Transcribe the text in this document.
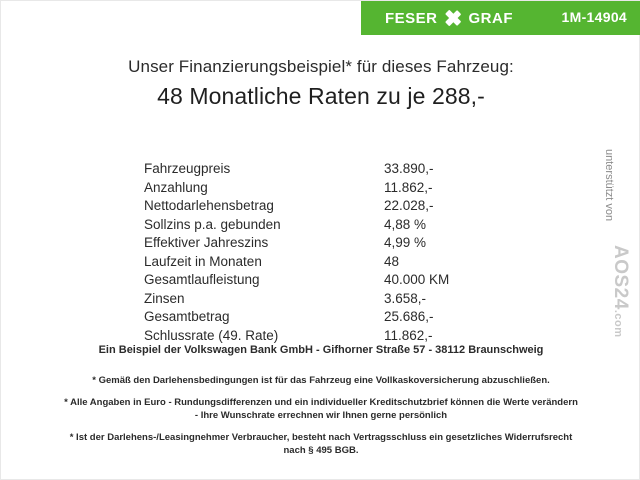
FESER GRAF	1M-14904
Unser Finanzierungsbeispiel* für dieses Fahrzeug:
48 Monatliche Raten zu je 288,-
Fahrzeugpreis	33.890,-
Anzahlung	11.862,-
Nettodarlehensbetrag	22.028,-
Sollzins p.a. gebunden	4,88 %
Effektiver Jahreszins	4,99 %
Laufzeit in Monaten	48
Gesamtlaufleistung	40.000 KM
Zinsen	3.658,-
Gesamtbetrag	25.686,-
Schlussrate (49. Rate)	11.862,-
unterstützt von
AOS24.com
Ein Beispiel der Volkswagen Bank GmbH - Gifhorner Straße 57 - 38112 Braunschweig

* Gemäß den Darlehensbedingungen ist für das Fahrzeug eine Vollkaskoversicherung abzuschließen.

* Alle Angaben in Euro - Rundungsdifferenzen und ein individueller Kreditschutzbrief können die Werte verändern
- Ihre Wunschrate errechnen wir Ihnen gerne persönlich

* Ist der Darlehens-/Leasingnehmer Verbraucher, besteht nach Vertragsschluss ein gesetzliches Widerrufsrecht
nach § 495 BGB.
